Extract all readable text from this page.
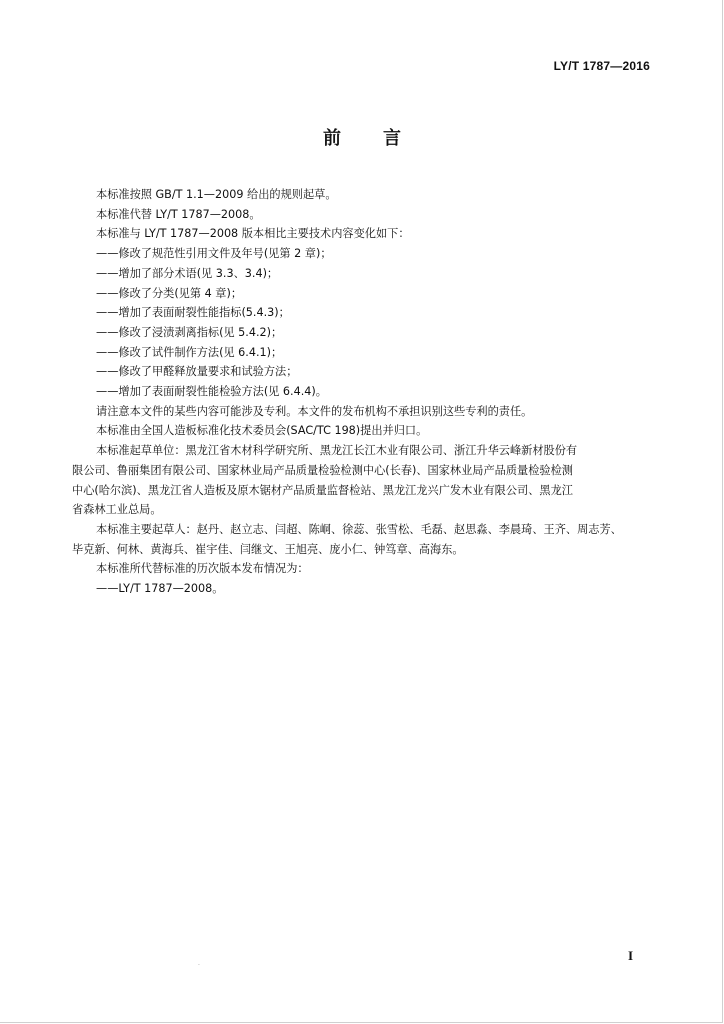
LY/T 1787—2016
前 言

本标准按照 GB/T 1.1—2009 给出的规则起草。

本标准代替 LY/T 1787—2008。

本标准与 LY/T 1787—2008 版本相比主要技术内容变化如下：

——修改了规范性引用文件及年号(见第 2 章)；

——增加了部分术语(见 3.3、3.4)；

——修改了分类(见第 4 章)；

——增加了表面耐裂性能指标(5.4.3)；

——修改了浸渍剥离指标(见 5.4.2)；

——修改了试件制作方法(见 6.4.1)；

——修改了甲醛释放量要求和试验方法；

——增加了表面耐裂性能检验方法(见 6.4.4)。

请注意本文件的某些内容可能涉及专利。本文件的发布机构不承担识别这些专利的责任。

本标准由全国人造板标准化技术委员会(SAC/TC 198)提出并归口。

本标准起草单位：黑龙江省木材科学研究所、黑龙江长江木业有限公司、浙江升华云峰新材股份有

限公司、鲁丽集团有限公司、国家林业局产品质量检验检测中心(长春)、国家林业局产品质量检验检测

中心(哈尔滨)、黑龙江省人造板及原木锯材产品质量监督检站、黑龙江龙兴广发木业有限公司、黑龙江

省森林工业总局。

本标准主要起草人：赵丹、赵立志、闫超、陈峒、徐蕊、张雪松、毛磊、赵思淼、李晨琦、王齐、周志芳、

毕克新、何林、黄海兵、崔宇佳、闫继文、王旭亮、庞小仁、钟笃章、高海东。

本标准所代替标准的历次版本发布情况为：

——LY/T 1787—2008。

.
I
